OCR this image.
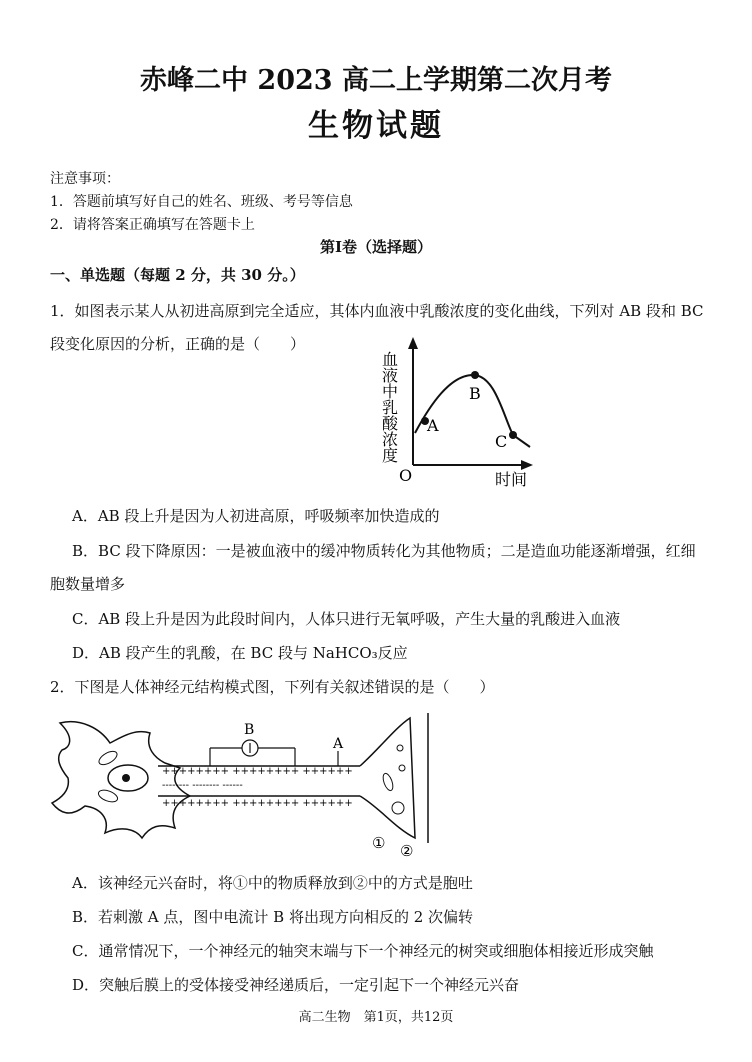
赤峰二中 2023 高二上学期第二次月考
生物试题
注意事项：
1．答题前填写好自己的姓名、班级、考号等信息
2．请将答案正确填写在答题卡上
第Ⅰ卷（选择题）
一、单选题（每题 2 分，共 30 分。）
1．如图表示某人从初进高原到完全适应，其体内血液中乳酸浓度的变化曲线，下列对 AB 段和 BC
段变化原因的分析，正确的是（　　）
A
B
C
O	时间
血液中乳酸浓度
A．AB 段上升是因为人初进高原，呼吸频率加快造成的
B．BC 段下降原因：一是被血液中的缓冲物质转化为其他物质；二是造血功能逐渐增强，红细
胞数量增多
C．AB 段上升是因为此段时间内，人体只进行无氧呼吸，产生大量的乳酸进入血液
D．AB 段产生的乳酸，在 BC 段与 NaHCO₃反应
2．下图是人体神经元结构模式图，下列有关叙述错误的是（　　）
++++++++ ++++++++ ++++++
-------- -------- ------
++++++++ ++++++++ ++++++
B
A
① ②
A．该神经元兴奋时，将①中的物质释放到②中的方式是胞吐
B．若刺激 A 点，图中电流计 B 将出现方向相反的 2 次偏转
C．通常情况下，一个神经元的轴突末端与下一个神经元的树突或细胞体相接近形成突触
D．突触后膜上的受体接受神经递质后，一定引起下一个神经元兴奋
高二生物　第1页，共12页
